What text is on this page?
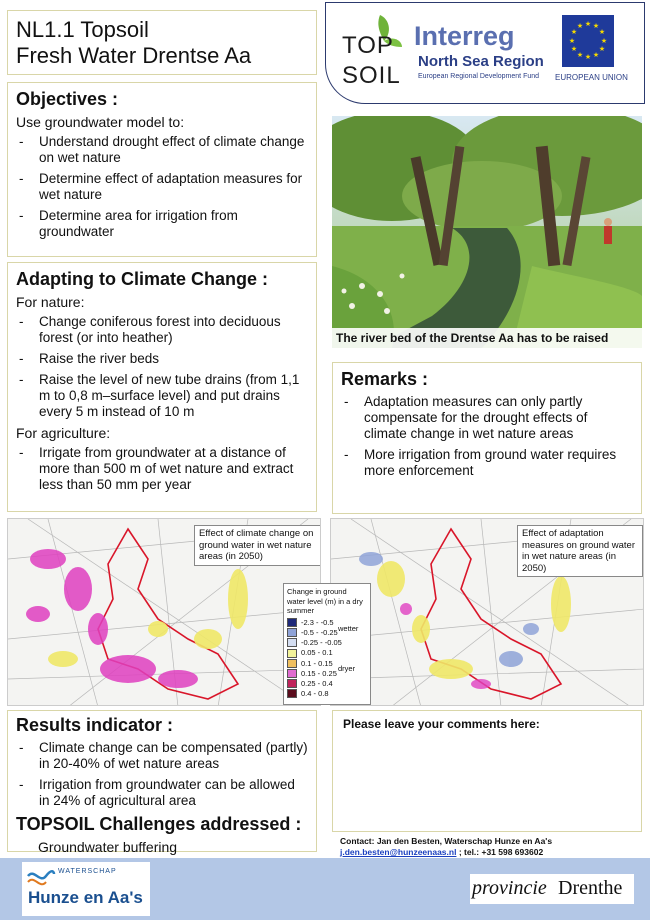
NL1.1 Topsoil
Fresh Water Drentse Aa	TOP
SOIL
Interreg
North Sea Region
European Regional Development Fund
★ ★
★
★
★
★
★
★
★
★
★
★
EUROPEAN UNION
Objectives :
Use groundwater model to:
- Understand drought effect of climate change on wet nature
- Determine effect of adaptation measures for wet nature
- Determine area for irrigation from groundwater
Adapting to Climate Change :
For nature:
- Change coniferous forest into deciduous forest (or into heather)
- Raise the river beds
- Raise the level of new tube drains (from 1,1 m to 0,8 m–surface level) and put drains every 5 m instead of 10 m
For agriculture:
- Irrigate from groundwater at a distance of more than 500 m of wet nature and extract less than 50 mm per year
The river bed of the Drentse Aa has to be raised
Remarks :
- Adaptation measures can only partly compensate for the drought effects of climate change in wet nature areas
- More irrigation from ground water requires more enforcement
Effect of climate change on ground water in wet nature areas (in 2050)
Effect of adaptation measures on ground water in wet nature areas (in 2050)
Change in ground water level (m) in a dry summer
-2.3 - -0.5
-0.5 - -0.25
-0.25 - -0.05
0.05 - 0.1
0.1 - 0.15
0.15 - 0.25
0.25 - 0.4
0.4 - 0.8
wetter
dryer
Results indicator :
- Climate change can be compensated (partly) in 20-40% of wet nature areas
- Irrigation from groundwater can be allowed in 24% of agricultural area
TOPSOIL Challenges addressed :
Groundwater buffering
Please leave your comments here:
Contact: Jan den Besten, Waterschap Hunze en Aa's
j.den.besten@hunzeenaas.nl ; tel.: +31 598 693602
WATERSCHAP
Hunze en Aa's	provincie Drenthe
